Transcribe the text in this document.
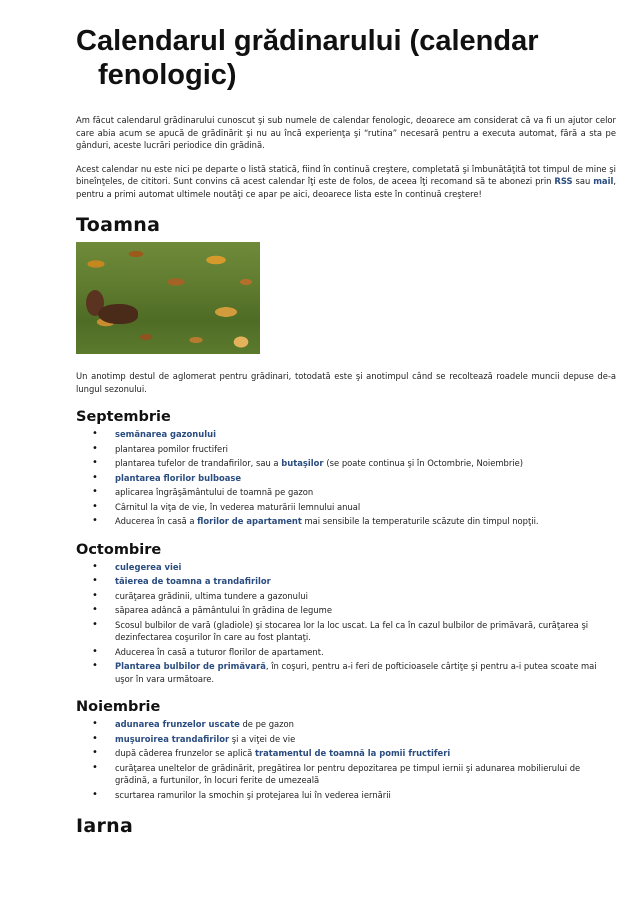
Calendarul grădinarului (calendar
fenologic)

Am făcut calendarul grădinarului cunoscut şi sub numele de calendar fenologic, deoarece am considerat că va fi un ajutor celor care abia acum se apucă de grădinărit şi nu au încă experienţa şi “rutina” necesară pentru a executa automat, fără a sta pe gânduri, aceste lucrări periodice din grădină.

Acest calendar nu este nici pe departe o listă statică, fiind în continuă creştere, completată şi îmbunătăţită tot timpul de mine şi bineînţeles, de cititori. Sunt convins că acest calendar îţi este de folos, de aceea îţi recomand să te abonezi prin RSS sau mail, pentru a primi automat ultimele noutăţi ce apar pe aici, deoarece lista este în continuă creştere!

Toamna

Un anotimp destul de aglomerat pentru grădinari, totodată este şi anotimpul când se recoltează roadele muncii depuse de-a lungul sezonului.

Septembrie
• semănarea gazonului
• plantarea pomilor fructiferi
• plantarea tufelor de trandafirilor, sau a butaşilor (se poate continua şi în Octombrie, Noiembrie)
• plantarea florilor bulboase
• aplicarea îngrăşământului de toamnă pe gazon
• Cârnitul la viţa de vie, în vederea maturării lemnului anual
• Aducerea în casă a florilor de apartament mai sensibile la temperaturile scăzute din timpul nopţii.
Octombire
• culegerea viei
• tăierea de toamna a trandafirilor
• curăţarea grădinii, ultima tundere a gazonului
• săparea adâncă a pământului în grădina de legume
• Scosul bulbilor de vară (gladiole) şi stocarea lor la loc uscat. La fel ca în cazul bulbilor de primăvară, curăţarea şi dezinfectarea coşurilor în care au fost plantaţi.
• Aducerea în casă a tuturor florilor de apartament.
• Plantarea bulbilor de primăvară, în coşuri, pentru a-i feri de pofticioasele cârtiţe şi pentru a-i putea scoate mai uşor în vara următoare.
Noiembrie
• adunarea frunzelor uscate de pe gazon
• muşuroirea trandafirilor şi a viţei de vie
• după căderea frunzelor se aplică tratamentul de toamnă la pomii fructiferi
• curăţarea uneltelor de grădinărit, pregătirea lor pentru depozitarea pe timpul iernii şi adunarea mobilierului de grădină, a furtunilor, în locuri ferite de umezeală
• scurtarea ramurilor la smochin şi protejarea lui în vederea iernării
Iarna
